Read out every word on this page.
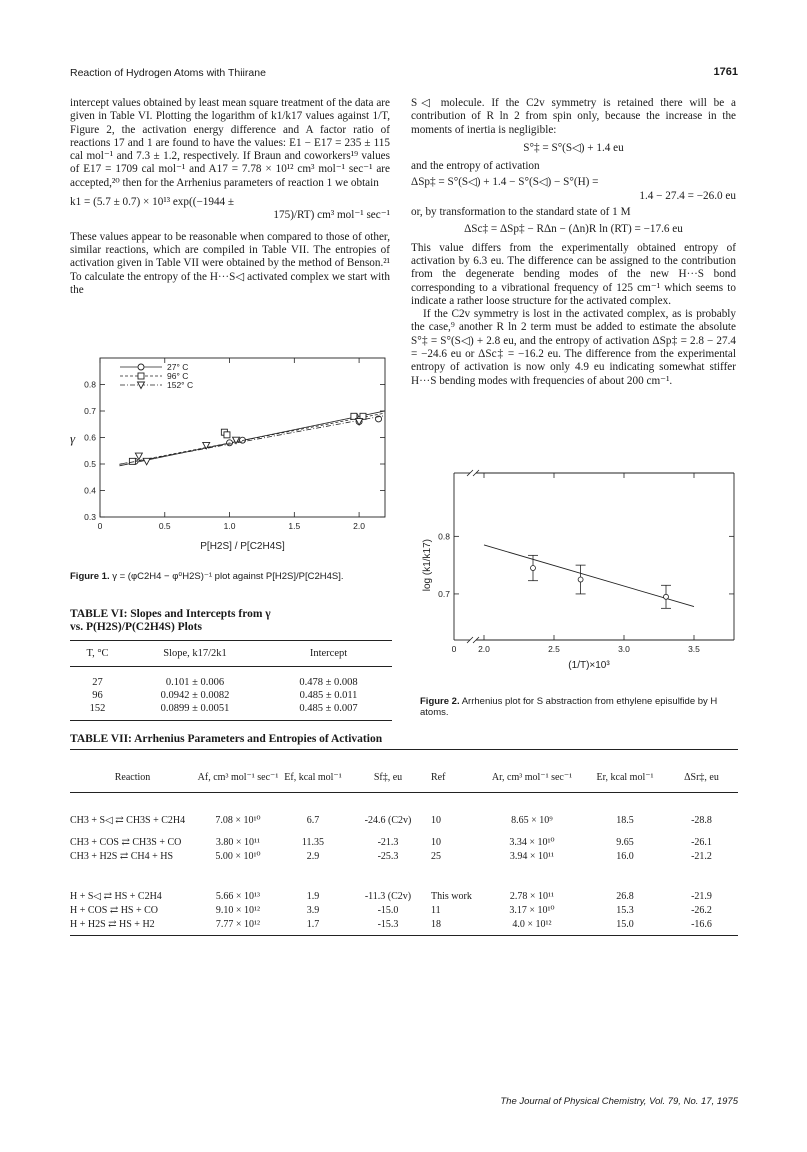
Reaction of Hydrogen Atoms with Thiirane	1761

intercept values obtained by least mean square treatment of the data are given in Table VI. Plotting the logarithm of k1/k17 values against 1/T, Figure 2, the activation energy difference and A factor ratio of reactions 17 and 1 are found to have the values: E1 − E17 = 235 ± 115 cal mol⁻¹ and 7.3 ± 1.2, respectively. If Braun and coworkers¹⁹ values of E17 = 1709 cal mol⁻¹ and A17 = 7.78 × 10¹² cm³ mol⁻¹ sec⁻¹ are accepted,²⁰ then for the Arrhenius parameters of reaction 1 we obtain

k1 = (5.7 ± 0.7) × 10¹³ exp((−1944 ±

175)/RT) cm³ mol⁻¹ sec⁻¹

These values appear to be reasonable when compared to those of other, similar reactions, which are compiled in Table VII. The entropies of activation given in Table VII were obtained by the method of Benson.²¹ To calculate the entropy of the H···S◁ activated complex we start with the

0	0.5	1.0	1.5	2.0
0.3
0.4
0.5
0.6
0.7
0.8
P[H2S] / P[C2H4S]
γ
27° C
96° C
152° C
Figure 1. γ = (φC2H4 − φ⁰H2S)⁻¹ plot against P[H2S]/P[C2H4S].
TABLE VI: Slopes and Intercepts from γ
vs. P(H2S)/P(C2H4S) Plots
T, °C	Slope, k17/2k1	Intercept
27	0.101 ± 0.006	0.478 ± 0.008
96	0.0942 ± 0.0082	0.485 ± 0.011
152	0.0899 ± 0.0051	0.485 ± 0.007

S◁ molecule. If the C2v symmetry is retained there will be a contribution of R ln 2 from spin only, because the increase in the moments of inertia is negligible:

S°‡ = S°(S◁) + 1.4 eu

and the entropy of activation

ΔSp‡ = S°(S◁) + 1.4 − S°(S◁) − S°(H) =

1.4 − 27.4 = −26.0 eu

or, by transformation to the standard state of 1 M

ΔSc‡ = ΔSp‡ − RΔn − (Δn)R ln (RT) = −17.6 eu

This value differs from the experimentally obtained entropy of activation by 6.3 eu. The difference can be assigned to the contribution from the degenerate bending modes of the new H···S bond corresponding to a vibrational frequency of 125 cm⁻¹ which seems to indicate a rather loose structure for the activated complex.

If the C2v symmetry is lost in the activated complex, as is probably the case,⁹ another R ln 2 term must be added to estimate the absolute S°‡ = S°(S◁) + 2.8 eu, and the entropy of activation ΔSp‡ = 2.8 − 27.4 = −24.6 eu or ΔSc‡ = −16.2 eu. The difference from the experimental entropy of activation is now only 4.9 eu indicating somewhat stiffer H···S bending modes with frequencies of about 200 cm⁻¹.

0	2.0	2.5	3.0	3.5
0.7
0.8
(1/T)×10³
log (k1/k17)
Figure 2. Arrhenius plot for S abstraction from ethylene episulfide by H atoms.
TABLE VII: Arrhenius Parameters and Entropies of Activation
Reaction	Af, cm³ mol⁻¹ sec⁻¹	Ef, kcal mol⁻¹	Sf‡, eu	Ref	Ar, cm³ mol⁻¹ sec⁻¹	Er, kcal mol⁻¹	ΔSr‡, eu
CH3 + S◁ ⇄ CH3S + C2H4	7.08 × 10¹⁰	6.7	-24.6 (C2v)	10	8.65 × 10⁹	18.5	-28.8
CH3 + COS ⇄ CH3S + CO	3.80 × 10¹¹	11.35	-21.3	10	3.34 × 10¹⁰	9.65	-26.1
CH3 + H2S ⇄ CH4 + HS	5.00 × 10¹⁰	2.9	-25.3	25	3.94 × 10¹¹	16.0	-21.2
H + S◁ ⇄ HS + C2H4	5.66 × 10¹³	1.9	-11.3 (C2v)	This work	2.78 × 10¹¹	26.8	-21.9
H + COS ⇄ HS + CO	9.10 × 10¹²	3.9	-15.0	11	3.17 × 10¹⁰	15.3	-26.2
H + H2S ⇄ HS + H2	7.77 × 10¹²	1.7	-15.3	18	4.0 × 10¹²	15.0	-16.6
The Journal of Physical Chemistry, Vol. 79, No. 17, 1975
